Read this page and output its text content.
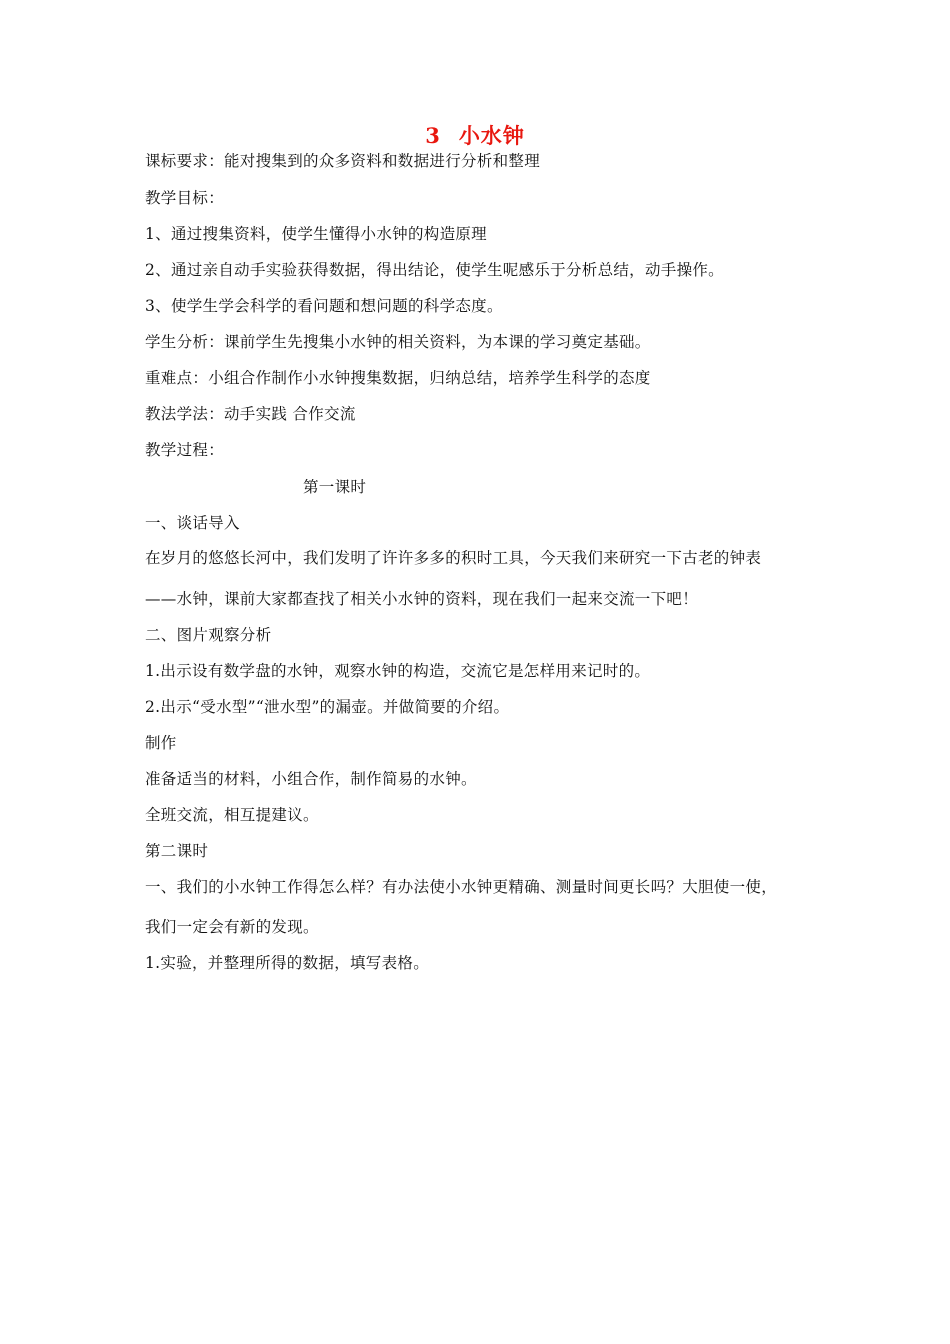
3 小水钟
课标要求：能对搜集到的众多资料和数据进行分析和整理
教学目标：
1、通过搜集资料，使学生懂得小水钟的构造原理
2、通过亲自动手实验获得数据，得出结论，使学生呢感乐于分析总结，动手操作。
3、使学生学会科学的看问题和想问题的科学态度。
学生分析：课前学生先搜集小水钟的相关资料，为本课的学习奠定基础。
重难点：小组合作制作小水钟搜集数据，归纳总结，培养学生科学的态度
教法学法：动手实践 合作交流
教学过程：
第一课时
一、谈话导入
在岁月的悠悠长河中，我们发明了许许多多的积时工具，今天我们来研究一下古老的钟表
——水钟，课前大家都查找了相关小水钟的资料，现在我们一起来交流一下吧！
二、图片观察分析
1.出示设有数学盘的水钟，观察水钟的构造，交流它是怎样用来记时的。
2.出示“受水型”“泄水型”的漏壶。并做简要的介绍。
制作
准备适当的材料，小组合作，制作简易的水钟。
全班交流，相互提建议。
第二课时
一、我们的小水钟工作得怎么样？有办法使小水钟更精确、测量时间更长吗？大胆使一使，
我们一定会有新的发现。
1.实验，并整理所得的数据，填写表格。
